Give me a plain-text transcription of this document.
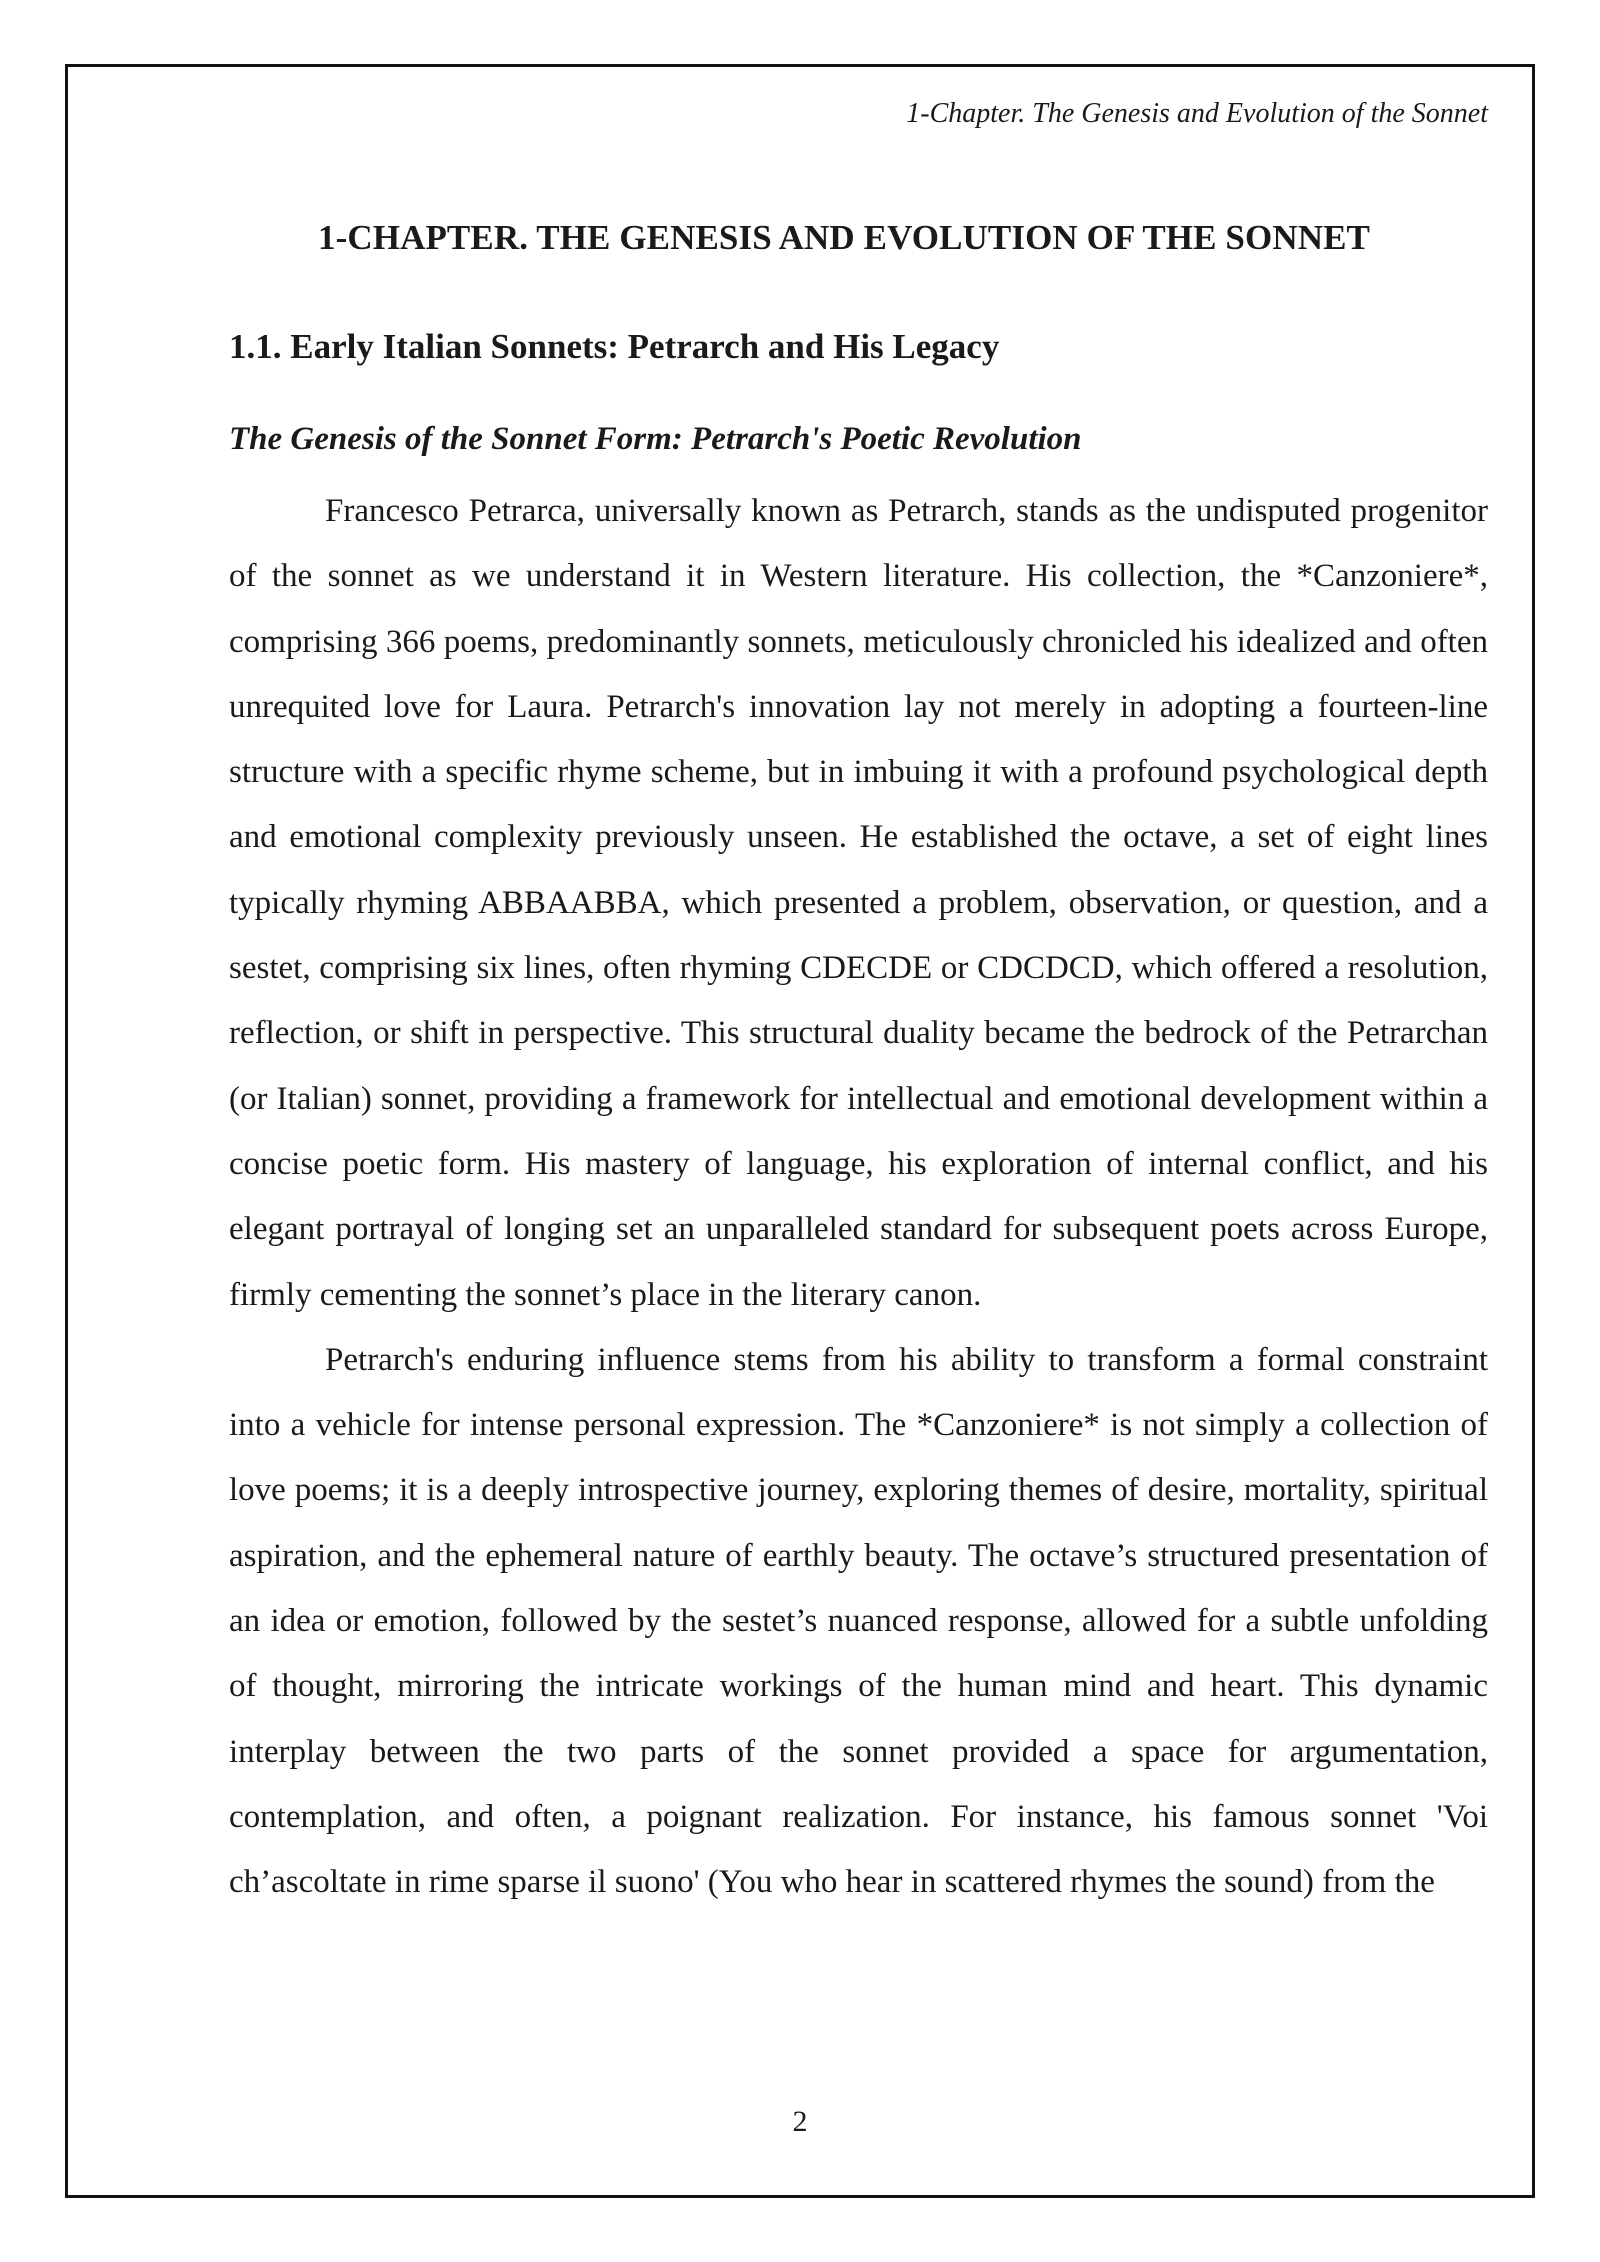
1-Chapter. The Genesis and Evolution of the Sonnet
1-CHAPTER. THE GENESIS AND EVOLUTION OF THE SONNET
1.1. Early Italian Sonnets: Petrarch and His Legacy
The Genesis of the Sonnet Form: Petrarch's Poetic Revolution

Francesco Petrarca, universally known as Petrarch, stands as the undisputed progenitor of the sonnet as we understand it in Western literature. His collection, the *Canzoniere*, comprising 366 poems, predominantly sonnets, meticulously chronicled his idealized and often unrequited love for Laura. Petrarch's innovation lay not merely in adopting a fourteen-line structure with a specific rhyme scheme, but in imbuing it with a profound psychological depth and emotional complexity previously unseen. He established the octave, a set of eight lines typically rhyming ABBAABBA, which presented a problem, observation, or question, and a sestet, comprising six lines, often rhyming CDECDE or CDCDCD, which offered a resolution, reflection, or shift in perspective. This structural duality became the bedrock of the Petrarchan (or Italian) sonnet, providing a framework for intellectual and emotional development within a concise poetic form. His mastery of language, his exploration of internal conflict, and his elegant portrayal of longing set an unparalleled standard for subsequent poets across Europe, firmly cementing the sonnet’s place in the literary canon.

Petrarch's enduring influence stems from his ability to transform a formal constraint into a vehicle for intense personal expression. The *Canzoniere* is not simply a collection of love poems; it is a deeply introspective journey, exploring themes of desire, mortality, spiritual aspiration, and the ephemeral nature of earthly beauty. The octave’s structured presentation of an idea or emotion, followed by the sestet’s nuanced response, allowed for a subtle unfolding of thought, mirroring the intricate workings of the human mind and heart. This dynamic interplay between the two parts of the sonnet provided a space for argumentation, contemplation, and often, a poignant realization. For instance, his famous sonnet 'Voi ch’ascoltate in rime sparse il suono' (You who hear in scattered rhymes the sound) from the

2
